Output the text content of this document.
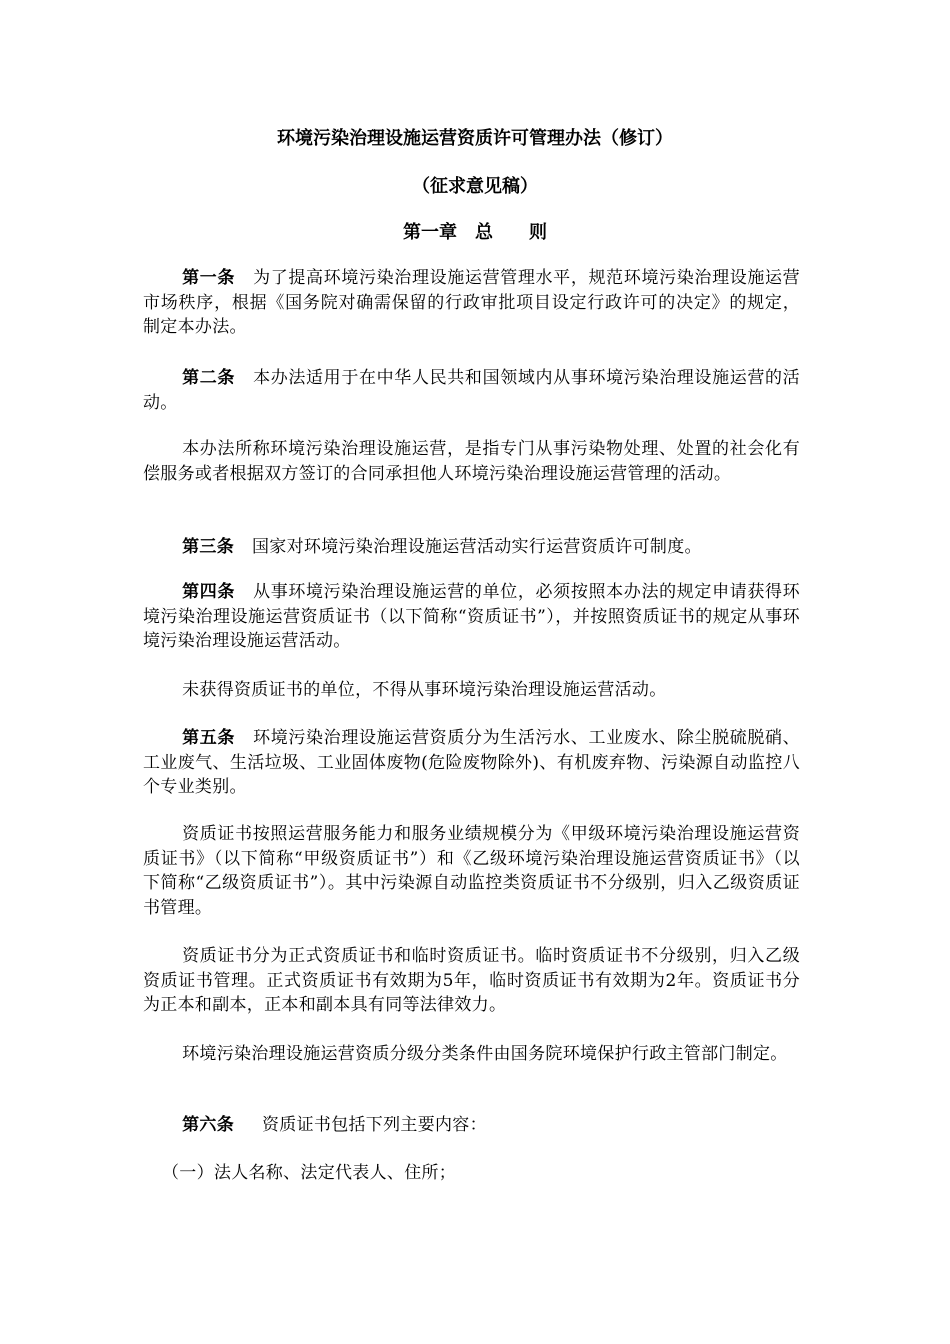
环境污染治理设施运营资质许可管理办法（修订）
（征求意见稿）
第一章　总　　则

第一条 为了提高环境污染治理设施运营管理水平，规范环境污染治理设施运营市场秩序，根据《国务院对确需保留的行政审批项目设定行政许可的决定》的规定，制定本办法。

第二条 本办法适用于在中华人民共和国领域内从事环境污染治理设施运营的活动。

本办法所称环境污染治理设施运营，是指专门从事污染物处理、处置的社会化有偿服务或者根据双方签订的合同承担他人环境污染治理设施运营管理的活动。

第三条 国家对环境污染治理设施运营活动实行运营资质许可制度。

第四条 从事环境污染治理设施运营的单位，必须按照本办法的规定申请获得环境污染治理设施运营资质证书（以下简称“资质证书”），并按照资质证书的规定从事环境污染治理设施运营活动。

未获得资质证书的单位，不得从事环境污染治理设施运营活动。

第五条 环境污染治理设施运营资质分为生活污水、工业废水、除尘脱硫脱硝、工业废气、生活垃圾、工业固体废物(危险废物除外)、有机废弃物、污染源自动监控八个专业类别。

资质证书按照运营服务能力和服务业绩规模分为《甲级环境污染治理设施运营资质证书》（以下简称“甲级资质证书”）和《乙级环境污染治理设施运营资质证书》（以下简称“乙级资质证书”）。其中污染源自动监控类资质证书不分级别，归入乙级资质证书管理。

资质证书分为正式资质证书和临时资质证书。临时资质证书不分级别，归入乙级资质证书管理。正式资质证书有效期为5年，临时资质证书有效期为2年。资质证书分为正本和副本，正本和副本具有同等法律效力。

环境污染治理设施运营资质分级分类条件由国务院环境保护行政主管部门制定。

第六条 资质证书包括下列主要内容：

（一）法人名称、法定代表人、住所；
